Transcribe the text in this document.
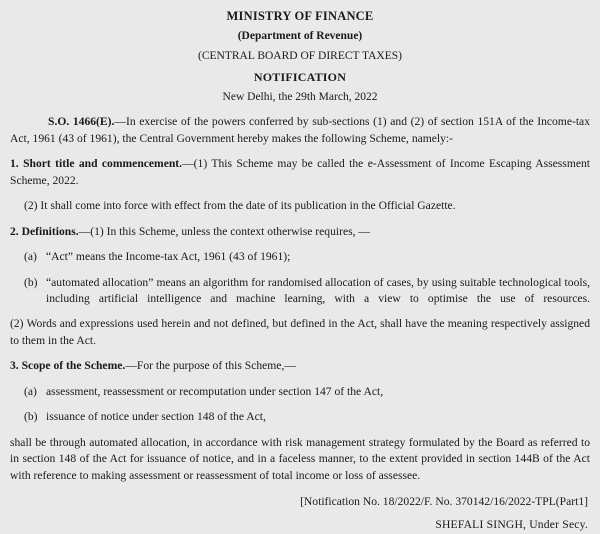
MINISTRY OF FINANCE
(Department of Revenue)
(CENTRAL BOARD OF DIRECT TAXES)
NOTIFICATION
New Delhi, the 29th March, 2022

S.O. 1466(E).—In exercise of the powers conferred by sub-sections (1) and (2) of section 151A of the Income-tax Act, 1961 (43 of 1961), the Central Government hereby makes the following Scheme, namely:-

1. Short title and commencement.—(1) This Scheme may be called the e-Assessment of Income Escaping Assessment Scheme, 2022.

(2) It shall come into force with effect from the date of its publication in the Official Gazette.

2. Definitions.—(1) In this Scheme, unless the context otherwise requires, —

(a) “Act” means the Income-tax Act, 1961 (43 of 1961);
(b) “automated allocation” means an algorithm for randomised allocation of cases, by using suitable technological tools, including artificial intelligence and machine learning, with a view to optimise the use of resources.

(2) Words and expressions used herein and not defined, but defined in the Act, shall have the meaning respectively assigned to them in the Act.

3. Scope of the Scheme.—For the purpose of this Scheme,—

(a) assessment, reassessment or recomputation under section 147 of the Act,
(b) issuance of notice under section 148 of the Act,

shall be through automated allocation, in accordance with risk management strategy formulated by the Board as referred to in section 148 of the Act for issuance of notice, and in a faceless manner, to the extent provided in section 144B of the Act with reference to making assessment or reassessment of total income or loss of assessee.

[Notification No. 18/2022/F. No. 370142/16/2022-TPL(Part1]

SHEFALI SINGH, Under Secy.
